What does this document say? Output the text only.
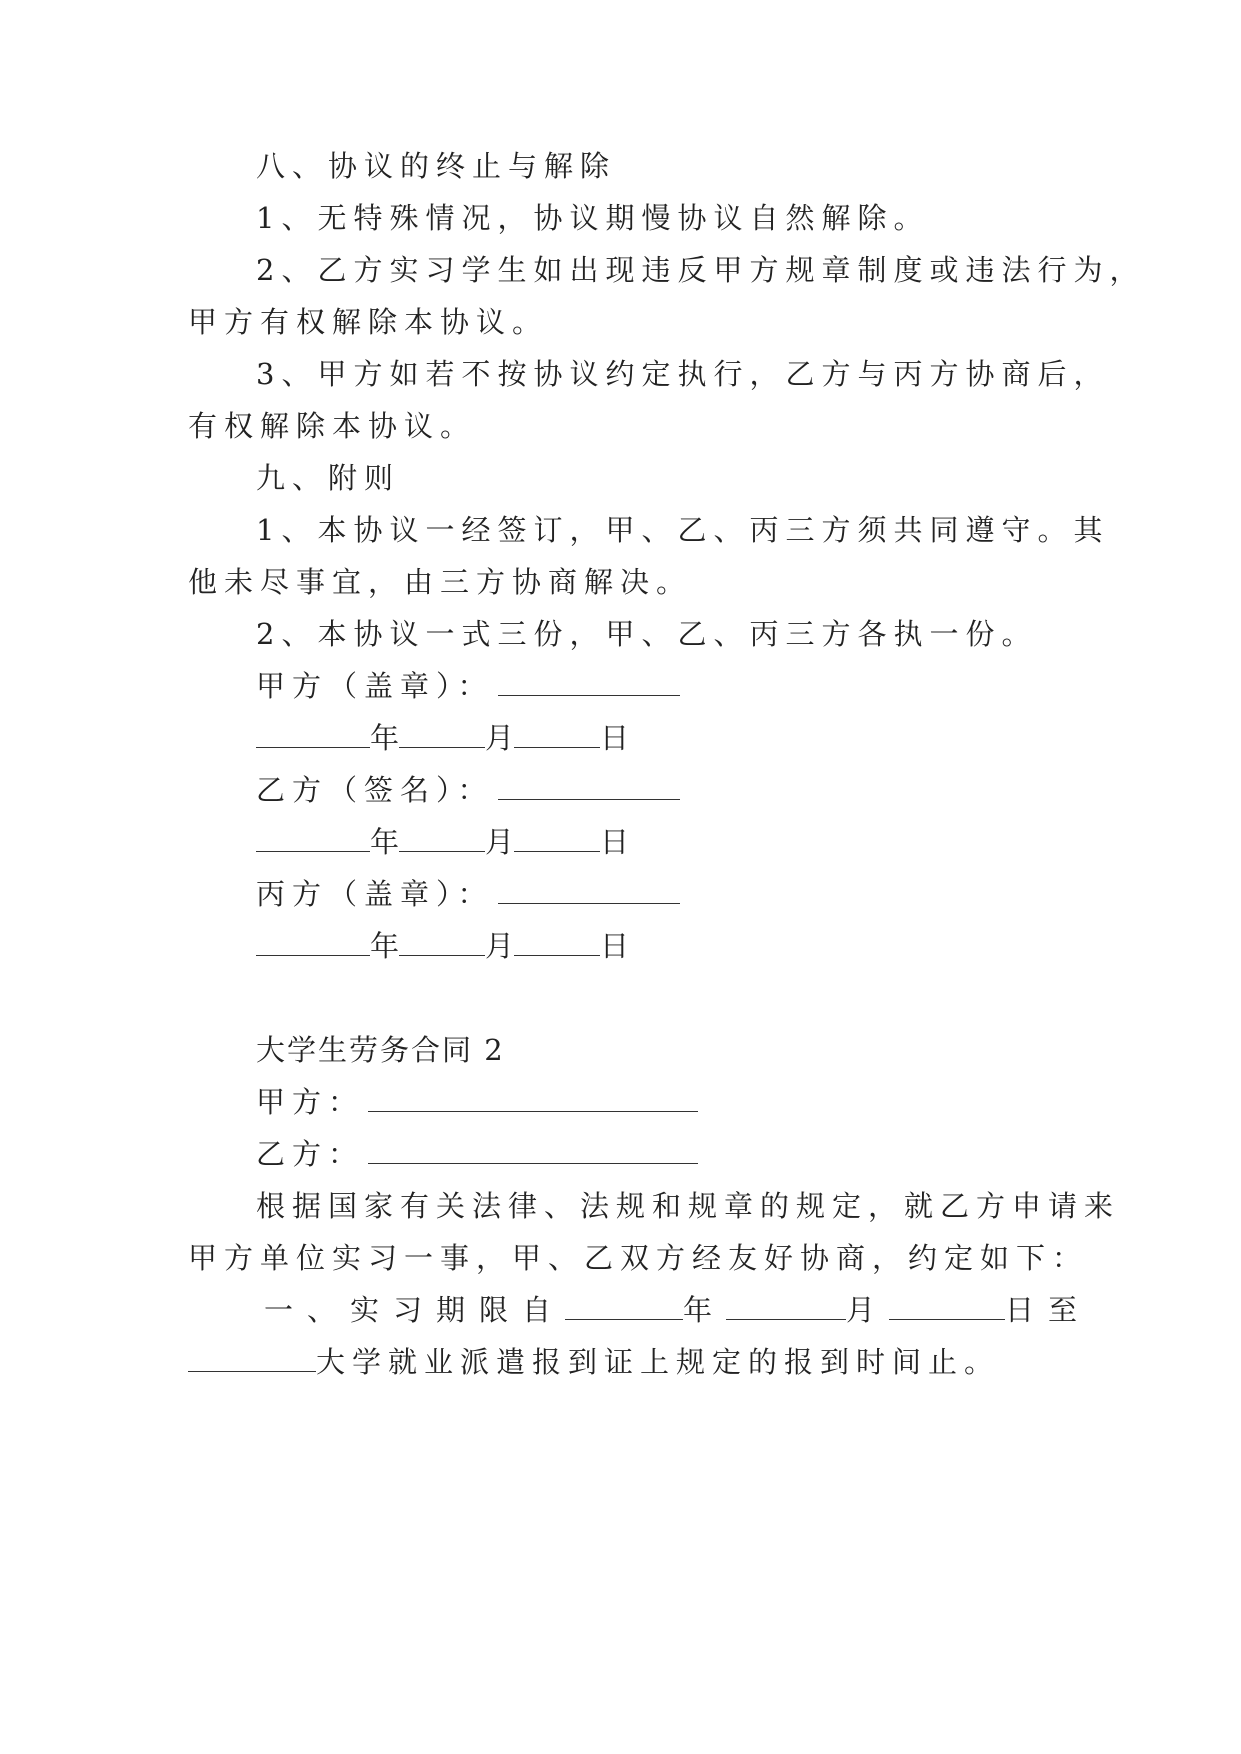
八、协议的终止与解除
1、无特殊情况，协议期慢协议自然解除。
2、乙方实习学生如出现违反甲方规章制度或违法行为，
甲方有权解除本协议。
3、甲方如若不按协议约定执行，乙方与丙方协商后，
有权解除本协议。
九、附则
1、本协议一经签订，甲、乙、丙三方须共同遵守。其
他未尽事宜，由三方协商解决。
2、本协议一式三份，甲、乙、丙三方各执一份。
甲方（盖章）：
年	月	日
乙方（签名）：
年	月	日
丙方（盖章）：
年	月	日
大学生劳务合同 2
甲方：
乙方：
根据国家有关法律、法规和规章的规定，就乙方申请来
甲方单位实习一事，甲、乙双方经友好协商，约定如下：
一、实习期限自	年	月	日至
大学就业派遣报到证上规定的报到时间止。
